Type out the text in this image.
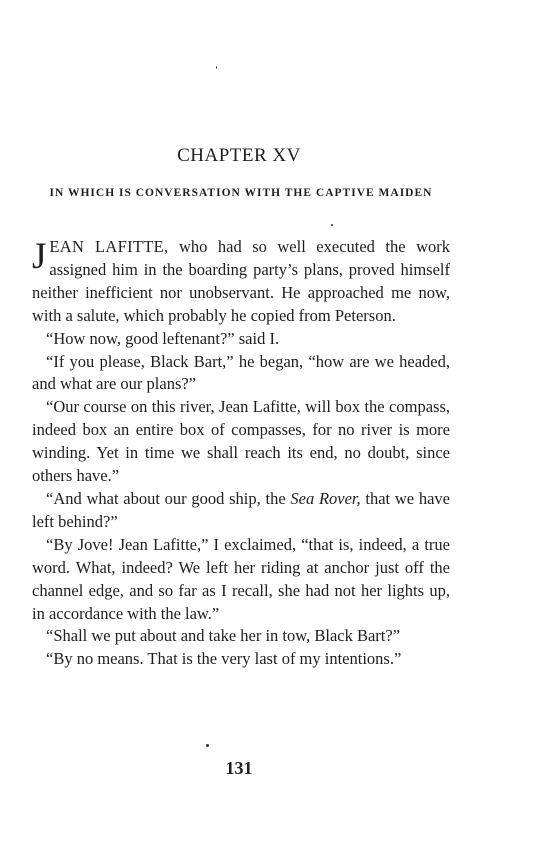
CHAPTER XV
IN WHICH IS CONVERSATION WITH THE CAPTIVE MAIDEN

JEAN LAFITTE, who had so well executed the work assigned him in the boarding party’s plans, proved himself neither inefficient nor unobservant. He approached me now, with a salute, which probably he copied from Peterson.

“How now, good leftenant?” said I.

“If you please, Black Bart,” he began, “how are we headed, and what are our plans?”

“Our course on this river, Jean Lafitte, will box the compass, indeed box an entire box of compasses, for no river is more winding. Yet in time we shall reach its end, no doubt, since others have.”

“And what about our good ship, the Sea Rover, that we have left behind?”

“By Jove! Jean Lafitte,” I exclaimed, “that is, indeed, a true word. What, indeed? We left her riding at anchor just off the channel edge, and so far as I recall, she had not her lights up, in accordance with the law.”

“Shall we put about and take her in tow, Black Bart?”

“By no means. That is the very last of my intentions.”

131
